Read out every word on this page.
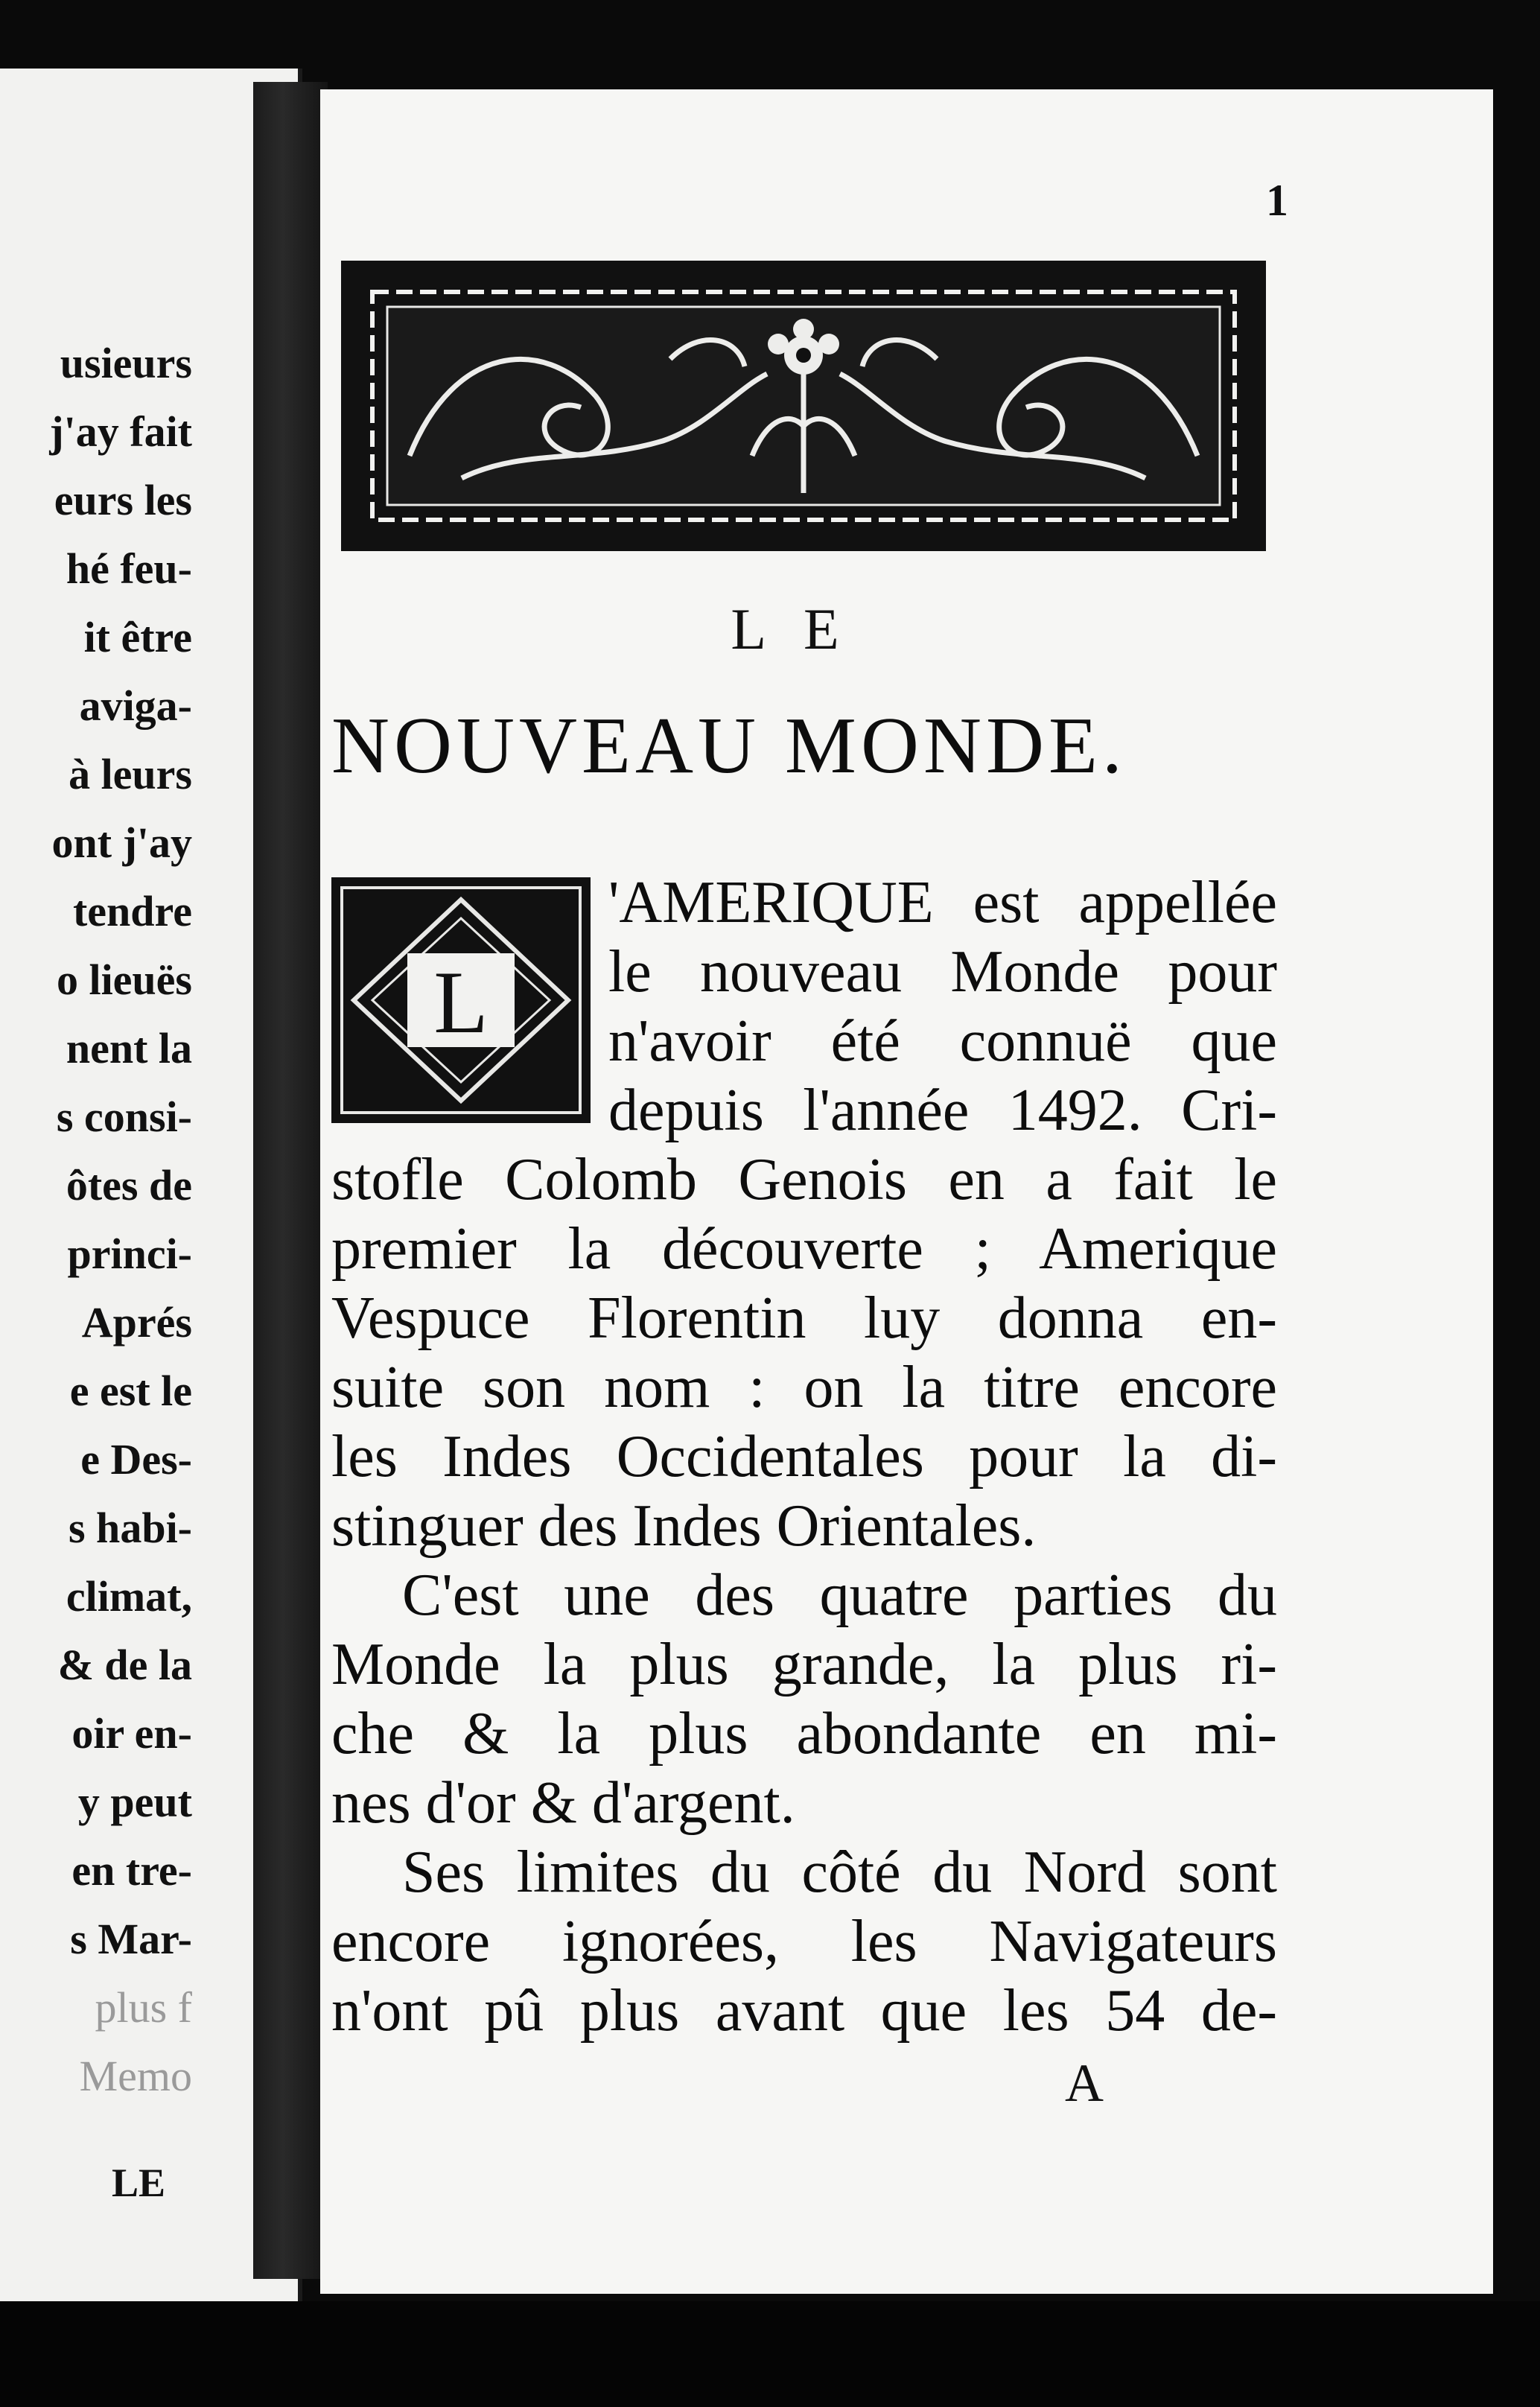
usieurs
j'ay fait
eurs les
hé feu-
it être
aviga-
à leurs
ont j'ay
tendre
o lieuës
nent la
s consi-
ôtes de
princi-
Aprés
e est le
e Des-
s habi-
climat,
& de la
oir en-
y peut
en tre-
s Mar-
plus f
Memo
LE
1
LE
NOUVEAU MONDE.
L
'AMERIQUE est appellée
le nouveau Monde pour
n'avoir été connuë que
depuis l'année 1492. Cri-
stofle Colomb Genois en a fait le
premier la découverte ; Amerique
Vespuce Florentin luy donna en-
suite son nom : on la titre encore
les Indes Occidentales pour la di-
stinguer des Indes Orientales.
C'est une des quatre parties du
Monde la plus grande, la plus ri-
che & la plus abondante en mi-
nes d'or & d'argent.
Ses limites du côté du Nord sont
encore ignorées, les Navigateurs
n'ont pû plus avant que les 54 de-
A
